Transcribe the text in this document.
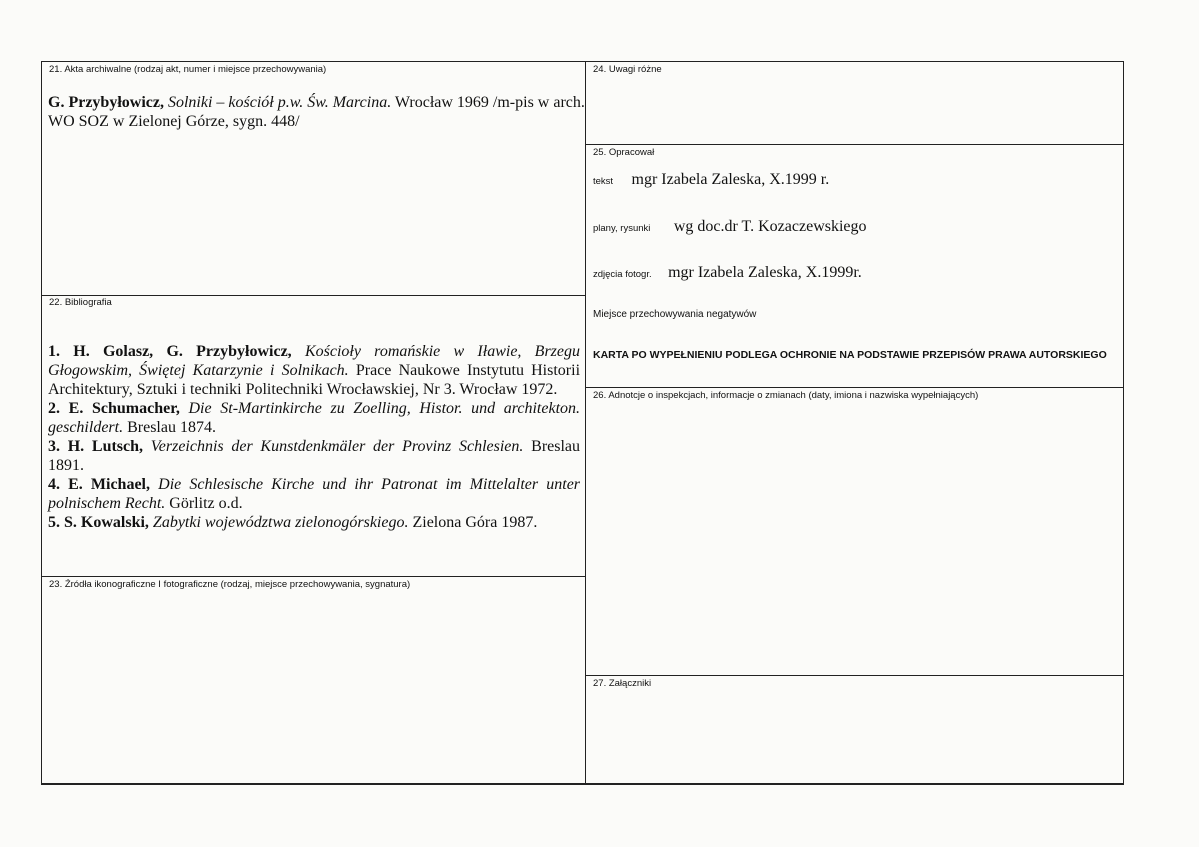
21. Akta archiwalne (rodzaj akt, numer i miejsce przechowywania)
G. Przybyłowicz, Solniki – kościół p.w. Św. Marcina. Wrocław 1969 /m-pis w arch. WO SOZ w Zielonej Górze, sygn. 448/
22. Bibliografia

1. H. Golasz, G. Przybyłowicz, Kościoły romańskie w Iławie, Brzegu Głogowskim, Świętej Katarzynie i Solnikach. Prace Naukowe Instytutu Historii Architektury, Sztuki i techniki Politechniki Wrocławskiej, Nr 3. Wrocław 1972.

2. E. Schumacher, Die St-Martinkirche zu Zoelling, Histor. und architekton. geschildert. Breslau 1874.

3. H. Lutsch, Verzeichnis der Kunstdenkmäler der Provinz Schlesien. Breslau 1891.

4. E. Michael, Die Schlesische Kirche und ihr Patronat im Mittelalter unter polnischem Recht. Görlitz o.d.

5. S. Kowalski, Zabytki województwa zielonogórskiego. Zielona Góra 1987.

23. Źródła ikonograficzne I fotograficzne (rodzaj, miejsce przechowywania, sygnatura)
24. Uwagi różne
25. Opracował
tekst mgr Izabela Zaleska, X.1999 r.
plany, rysunki wg doc.dr T. Kozaczewskiego
zdjęcia fotogr. mgr Izabela Zaleska, X.1999r.
Miejsce przechowywania negatywów
KARTA PO WYPEŁNIENIU PODLEGA OCHRONIE NA PODSTAWIE PRZEPISÓW PRAWA AUTORSKIEGO
26. Adnotcje o inspekcjach, informacje o zmianach (daty, imiona i nazwiska wypełniających)
27. Załączniki
